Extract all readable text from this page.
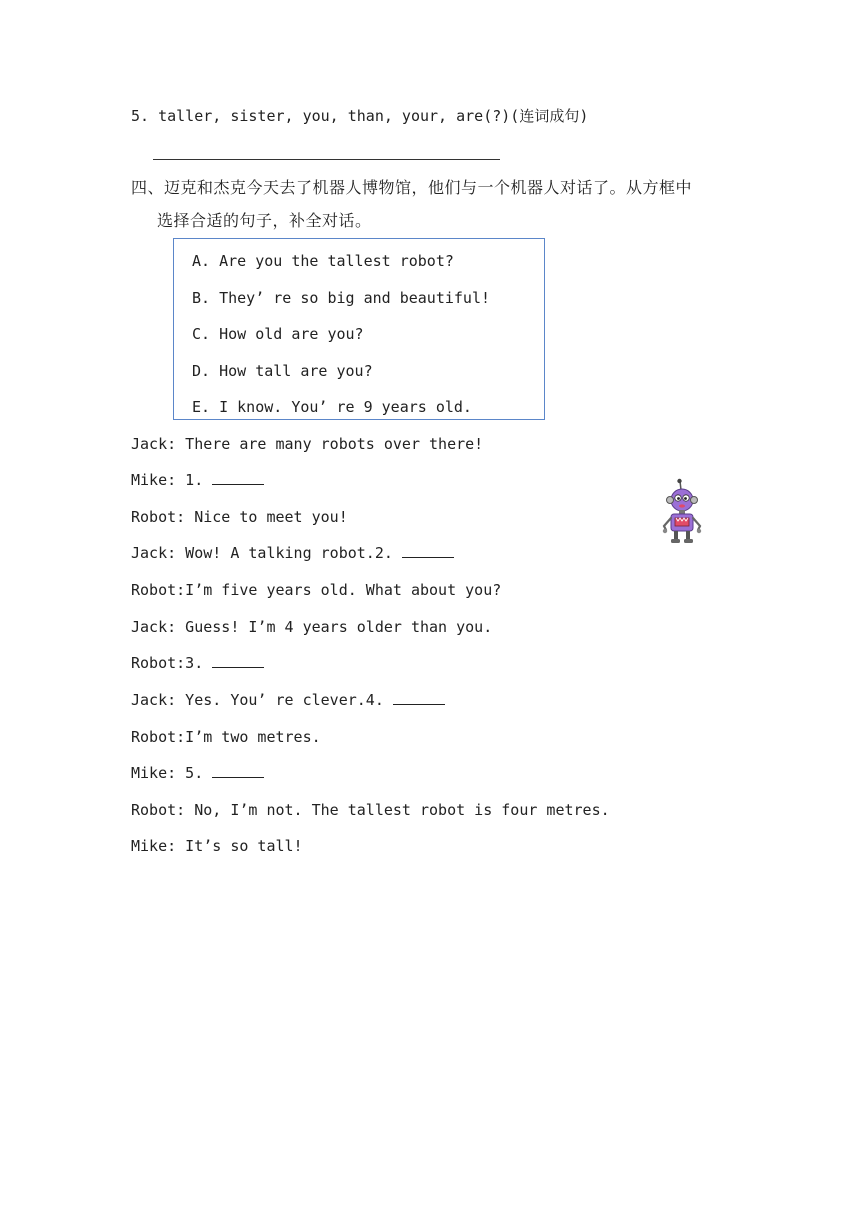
5. taller, sister, you, than, your, are(?)(连词成句)
四、迈克和杰克今天去了机器人博物馆，他们与一个机器人对话了。从方框中
选择合适的句子，补全对话。
A. Are you the tallest robot?
B. They’ re so big and beautiful!
C. How old are you?
D. How tall are you?
E. I know. You’ re 9 years old.
Jack: There are many robots over there!
Mike: 1.
Robot: Nice to meet you!
Jack: Wow! A talking robot.2.
Robot:I’m five years old. What about you?
Jack: Guess! I’m 4 years older than you.
Robot:3.
Jack: Yes. You’ re clever.4.
Robot:I’m two metres.
Mike: 5.
Robot: No, I’m not. The tallest robot is four metres.
Mike: It’s so tall!
